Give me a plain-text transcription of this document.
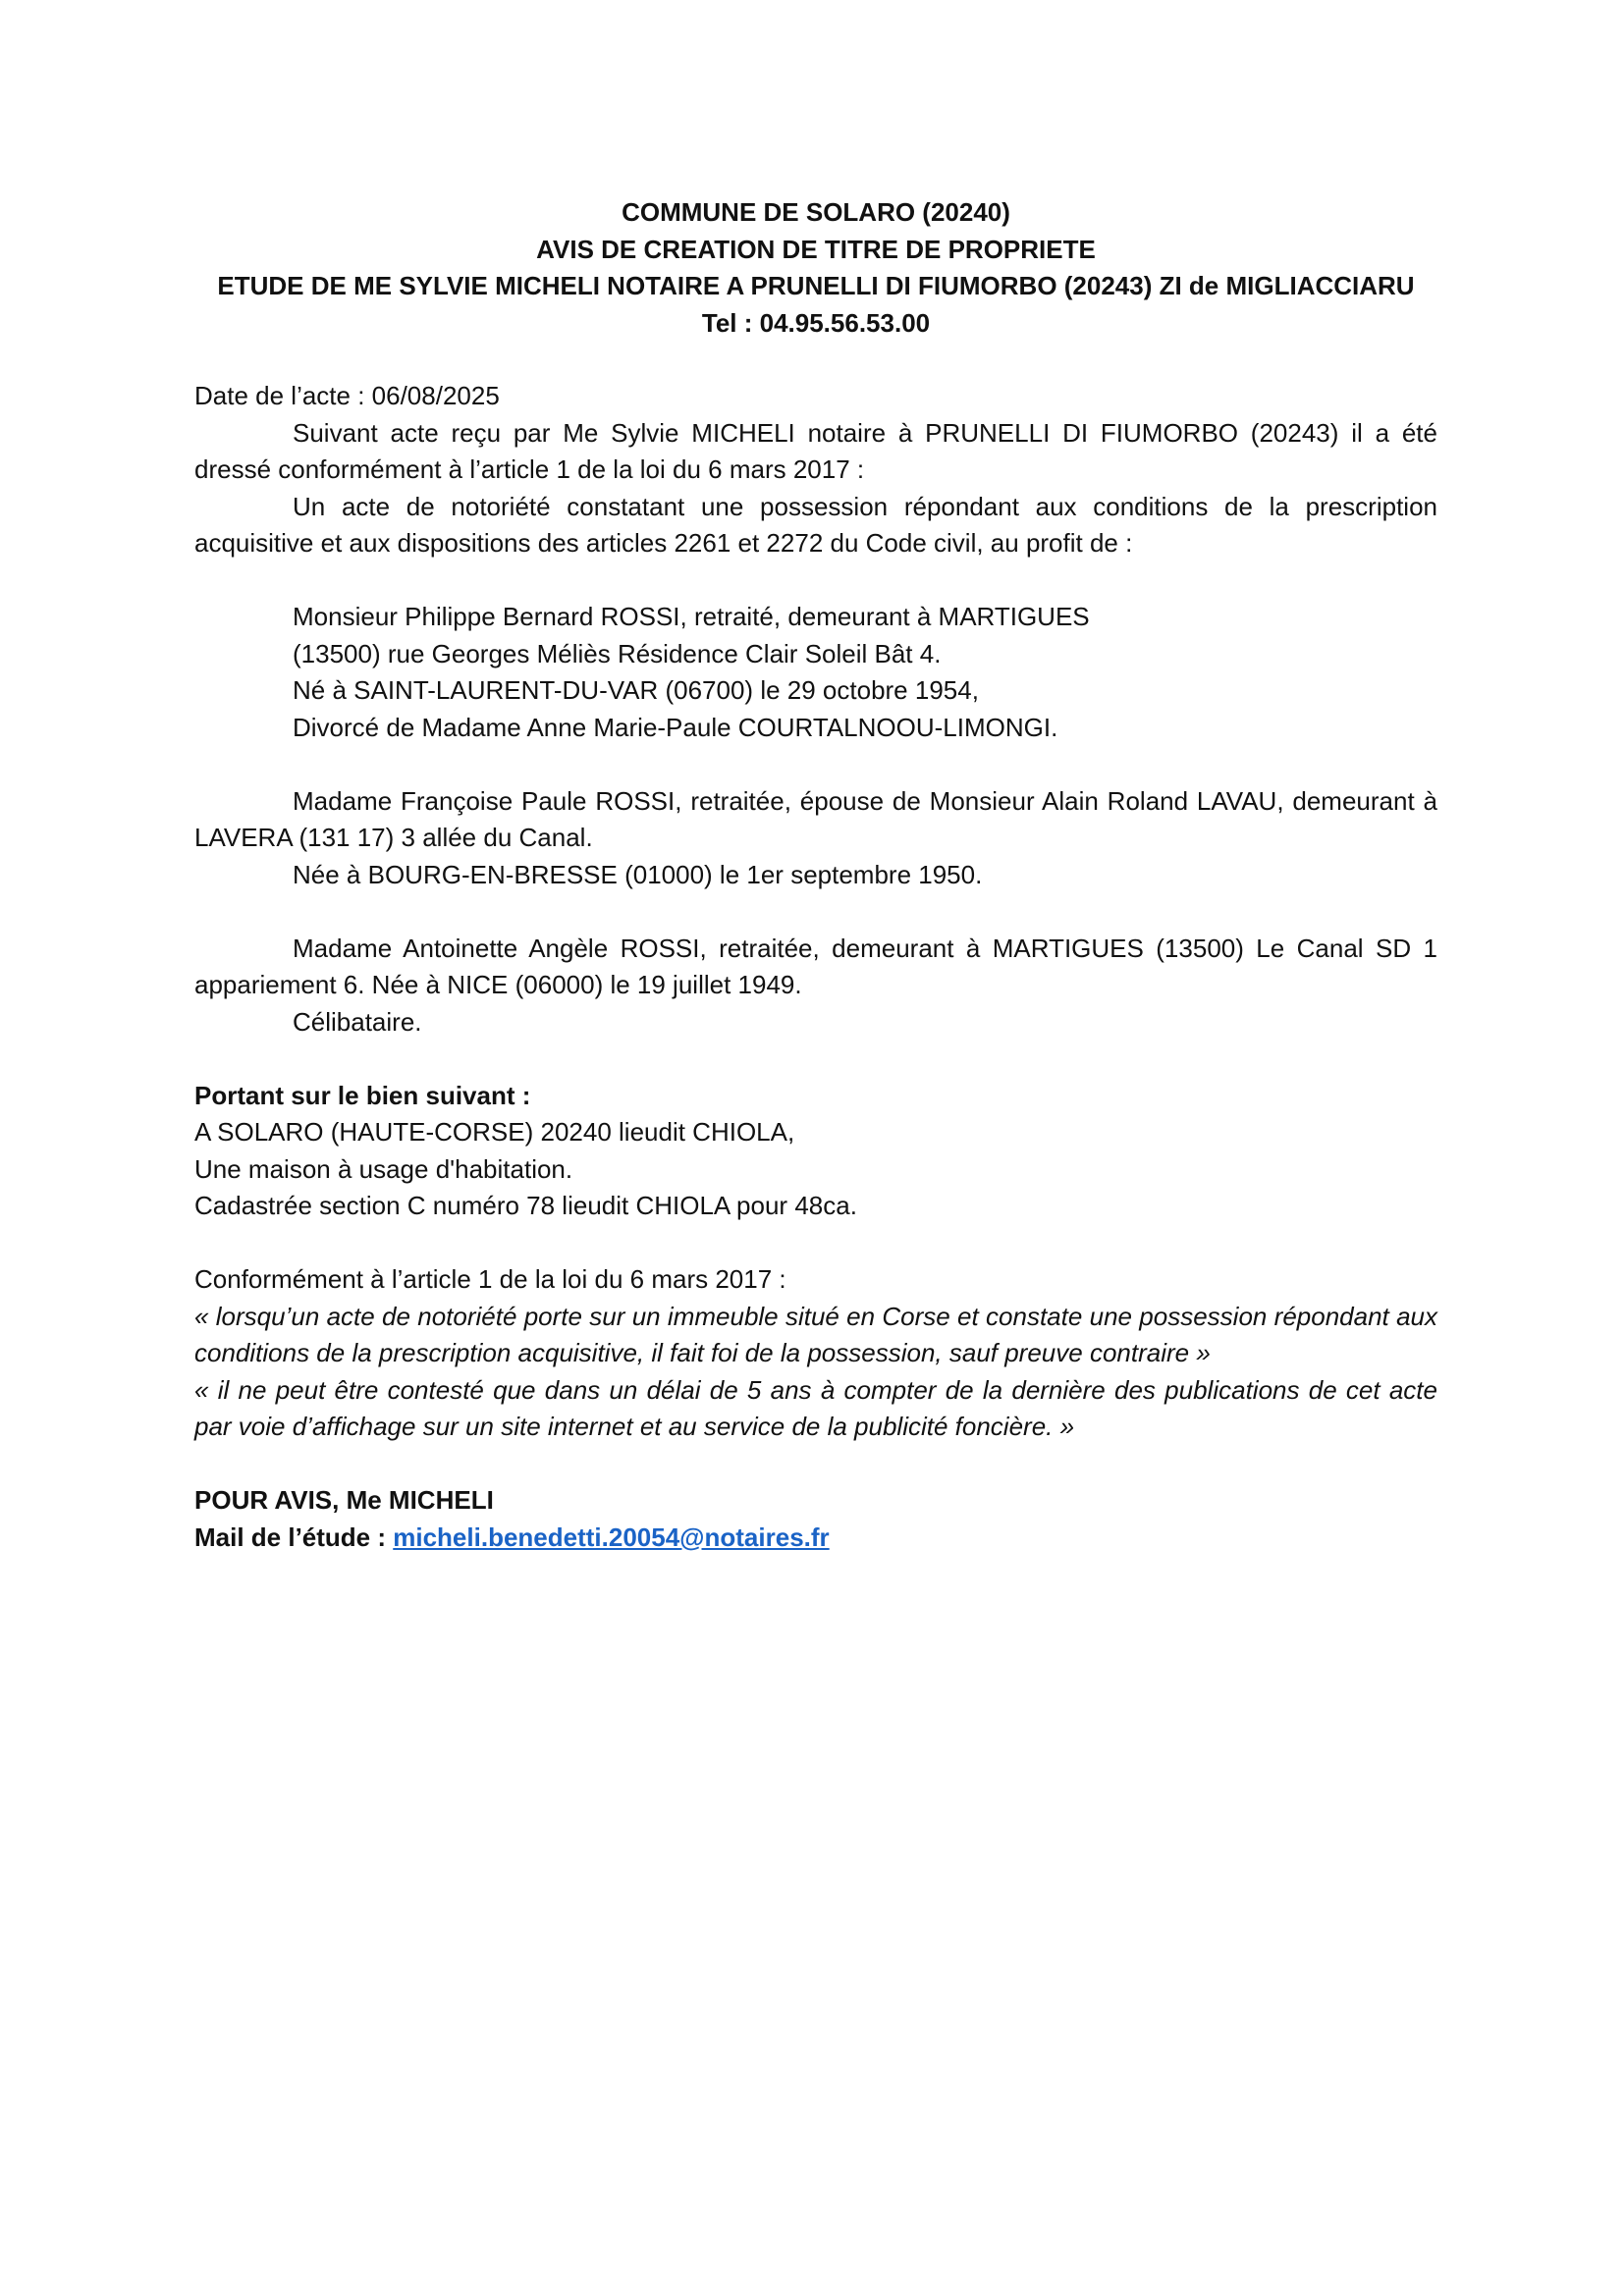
COMMUNE DE SOLARO (20240)
AVIS DE CREATION DE TITRE DE PROPRIETE
ETUDE DE ME SYLVIE MICHELI NOTAIRE A PRUNELLI DI FIUMORBO (20243) ZI de MIGLIACCIARU
Tel : 04.95.56.53.00

Date de l’acte : 06/08/2025

Suivant acte reçu par Me Sylvie MICHELI notaire à PRUNELLI DI FIUMORBO (20243) il a été dressé conformément à l’article 1 de la loi du 6 mars 2017 :

Un acte de notoriété constatant une possession répondant aux conditions de la prescription acquisitive et aux dispositions des articles 2261 et 2272 du Code civil, au profit de :

Monsieur Philippe Bernard ROSSI, retraité, demeurant à MARTIGUES

(13500) rue Georges Méliès Résidence Clair Soleil Bât 4.

Né à SAINT-LAURENT-DU-VAR (06700) le 29 octobre 1954,

Divorcé de Madame Anne Marie-Paule COURTALNOOU-LIMONGI.

Madame Françoise Paule ROSSI, retraitée, épouse de Monsieur Alain Roland LAVAU, demeurant à LAVERA (131 17) 3 allée du Canal.

Née à BOURG-EN-BRESSE (01000) le 1er septembre 1950.

Madame Antoinette Angèle ROSSI, retraitée, demeurant à MARTIGUES (13500) Le Canal SD 1 appariement 6. Née à NICE (06000) le 19 juillet 1949.

Célibataire.

Portant sur le bien suivant :

A SOLARO (HAUTE-CORSE) 20240 lieudit CHIOLA,

Une maison à usage d'habitation.

Cadastrée section C numéro 78 lieudit CHIOLA pour 48ca.

Conformément à l’article 1 de la loi du 6 mars 2017 :

« lorsqu’un acte de notoriété porte sur un immeuble situé en Corse et constate une possession répondant aux conditions de la prescription acquisitive, il fait foi de la possession, sauf preuve contraire »

« il ne peut être contesté que dans un délai de 5 ans à compter de la dernière des publications de cet acte par voie d’affichage sur un site internet et au service de la publicité foncière. »

POUR AVIS, Me MICHELI

Mail de l’étude : micheli.benedetti.20054@notaires.fr
